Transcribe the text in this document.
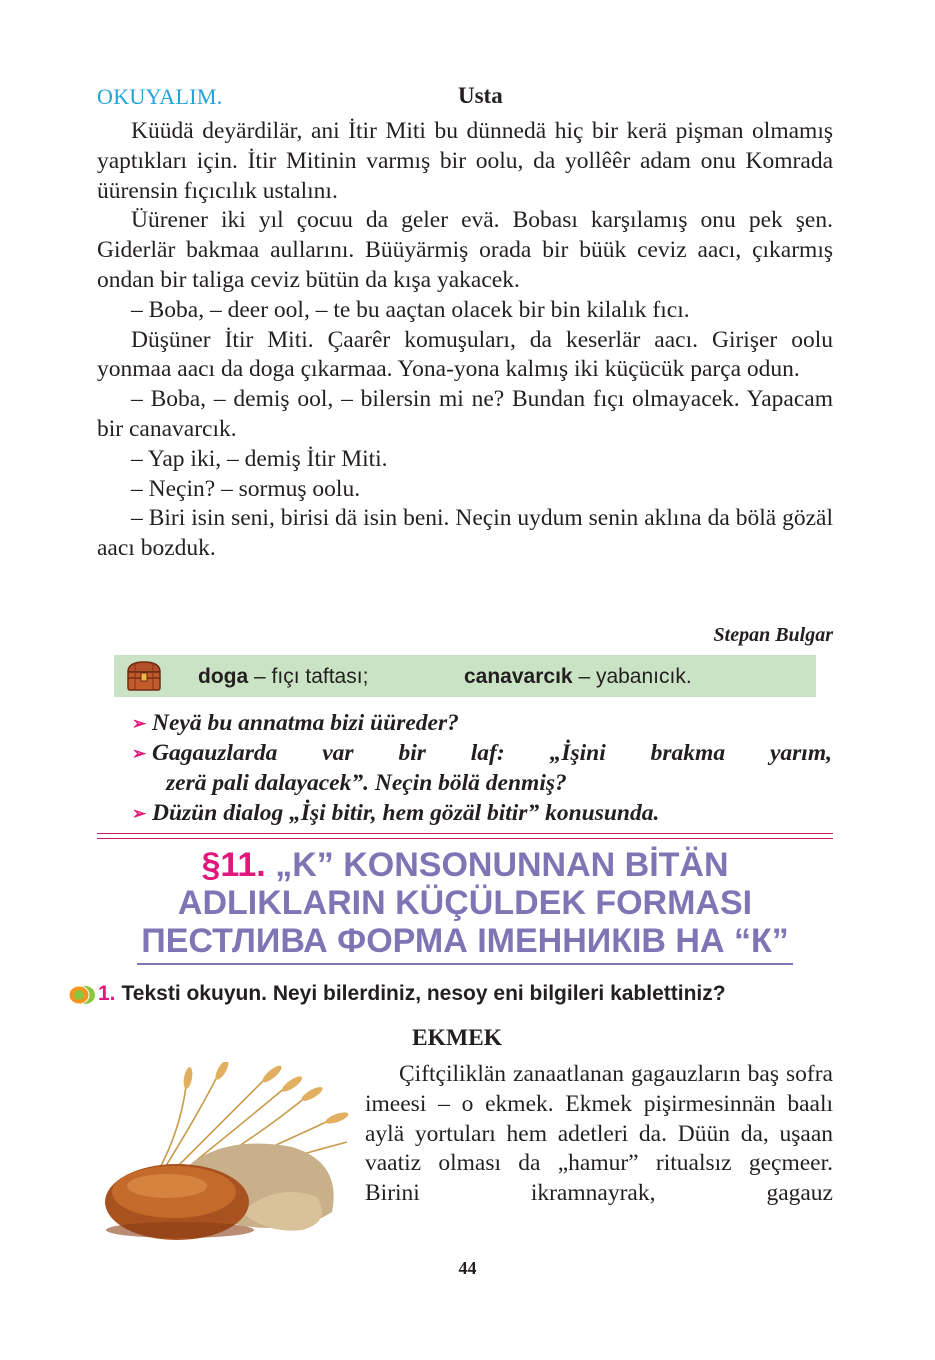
OKUYALIM.	Usta

Küüdä deyärdilär, ani İtir Miti bu dünnedä hiç bir kerä pişman olmamış yaptıkları için. İtir Mitinin varmış bir oolu, da yollêêr adam onu Komrada üürensin fıçıcılık ustalını.

Üürener iki yıl çocuu da geler evä. Bobası karşılamış onu pek şen. Giderlär bakmaa aullarını. Büüyärmiş orada bir büük ceviz aacı, çıkarmış ondan bir taliga ceviz bütün da kışa yakacek.

– Boba, – deer ool, – te bu aaçtan olacek bir bin kilalık fıcı.

Düşüner İtir Miti. Çaarêr komuşuları, da keserlär aacı. Girişer oolu yonmaa aacı da doga çıkarmaa. Yona-yona kalmış iki küçücük parça odun.

– Boba, – demiş ool, – bilersin mi ne? Bundan fıçı olmayacek. Yapacam bir canavarcık.

– Yap iki, – demiş İtir Miti.

– Neçin? – sormuş oolu.

– Biri isin seni, birisi dä isin beni. Neçin uydum senin aklına da bölä gözäl aacı bozduk.

Stepan Bulgar
doga – fıçı taftası;	canavarcık – yabanıcık.
➢ Neyä bu annatma bizi üüreder?
➢ Gagauzlarda var bir laf: „İşini brakma yarım,
zerä pali dalayacek”. Neçin bölä denmiş?
➢ Düzün dialog „İşi bitir, hem gözäl bitir” konusunda.
§11. „K” KONSONUNNAN BİTÄN
ADLIKLARIN KÜÇÜLDEK FORMASI
ПЕСТЛИВА ФОРМА ІМЕННИКІВ НА “К”
1. Teksti okuyun. Neyi bilerdiniz, nesoy eni bilgileri kablettiniz?
EKMEK

Çiftçiliklän zanaatlanan gagauzların baş sofra imeesi – o ekmek. Ekmek pişirmesinnän baalı aylä yortuları hem adetleri da. Düün da, uşaan vaatiz olması da „hamur” ritualsız geçmeer. Birini ikramnayrak, gagauz

44
